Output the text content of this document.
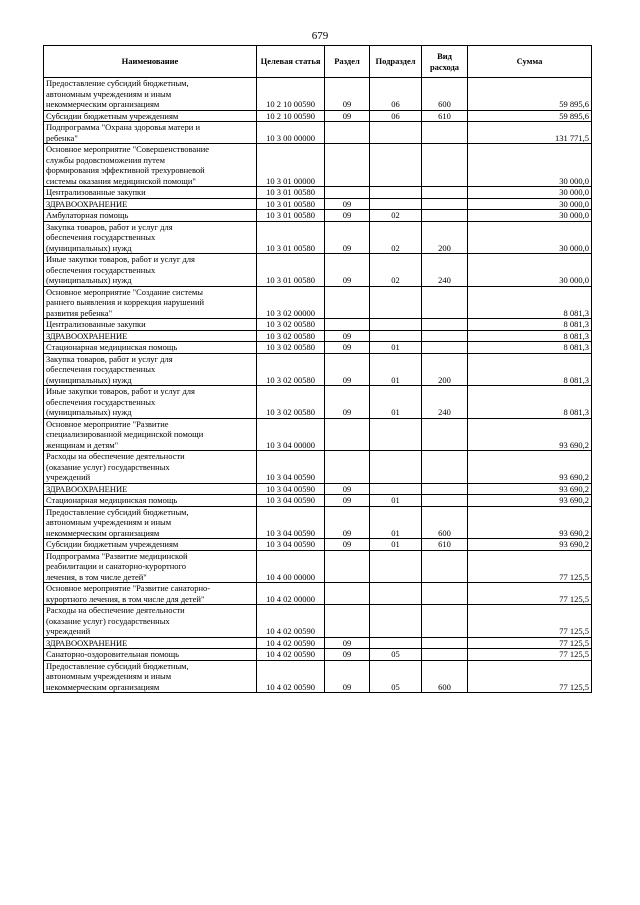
679
Наименование	Целевая статья	Раздел	Подраздел	Вид расхода	Сумма
Предоставление субсидий бюджетным,
автономным учреждениям и иным
некоммерческим организациям	10 2 10 00590	09	06	600	59 895,6
Субсидии бюджетным учреждениям	10 2 10 00590	09	06	610	59 895,6
Подпрограмма "Охрана здоровья матери и
ребенка"	10 3 00 00000				131 771,5
Основное мероприятие "Совершенствование
службы родовспоможения путем
формирования эффективной трехуровневой
системы оказания медицинской помощи"	10 3 01 00000				30 000,0
Централизованные закупки	10 3 01 00580				30 000,0
ЗДРАВООХРАНЕНИЕ	10 3 01 00580	09			30 000,0
Амбулаторная помощь	10 3 01 00580	09	02		30 000,0
Закупка товаров, работ и услуг для
обеспечения государственных
(муниципальных) нужд	10 3 01 00580	09	02	200	30 000,0
Иные закупки товаров, работ и услуг для
обеспечения государственных
(муниципальных) нужд	10 3 01 00580	09	02	240	30 000,0
Основное мероприятие "Создание системы
раннего выявления и коррекция нарушений
развития ребенка"	10 3 02 00000				8 081,3
Централизованные закупки	10 3 02 00580				8 081,3
ЗДРАВООХРАНЕНИЕ	10 3 02 00580	09			8 081,3
Стационарная медицинская помощь	10 3 02 00580	09	01		8 081,3
Закупка товаров, работ и услуг для
обеспечения государственных
(муниципальных) нужд	10 3 02 00580	09	01	200	8 081,3
Иные закупки товаров, работ и услуг для
обеспечения государственных
(муниципальных) нужд	10 3 02 00580	09	01	240	8 081,3
Основное мероприятие "Развитие
специализированной медицинской помощи
женщинам и детям"	10 3 04 00000				93 690,2
Расходы на обеспечение деятельности
(оказание услуг) государственных
учреждений	10 3 04 00590				93 690,2
ЗДРАВООХРАНЕНИЕ	10 3 04 00590	09			93 690,2
Стационарная медицинская помощь	10 3 04 00590	09	01		93 690,2
Предоставление субсидий бюджетным,
автономным учреждениям и иным
некоммерческим организациям	10 3 04 00590	09	01	600	93 690,2
Субсидии бюджетным учреждениям	10 3 04 00590	09	01	610	93 690,2
Подпрограмма "Развитие медицинской
реабилитации и санаторно-курортного
лечения, в том числе детей"	10 4 00 00000				77 125,5
Основное мероприятие "Развитие санаторно-
курортного лечения, в том числе для детей"	10 4 02 00000				77 125,5
Расходы на обеспечение деятельности
(оказание услуг) государственных
учреждений	10 4 02 00590				77 125,5
ЗДРАВООХРАНЕНИЕ	10 4 02 00590	09			77 125,5
Санаторно-оздоровительная помощь	10 4 02 00590	09	05		77 125,5
Предоставление субсидий бюджетным,
автономным учреждениям и иным
некоммерческим организациям	10 4 02 00590	09	05	600	77 125,5
